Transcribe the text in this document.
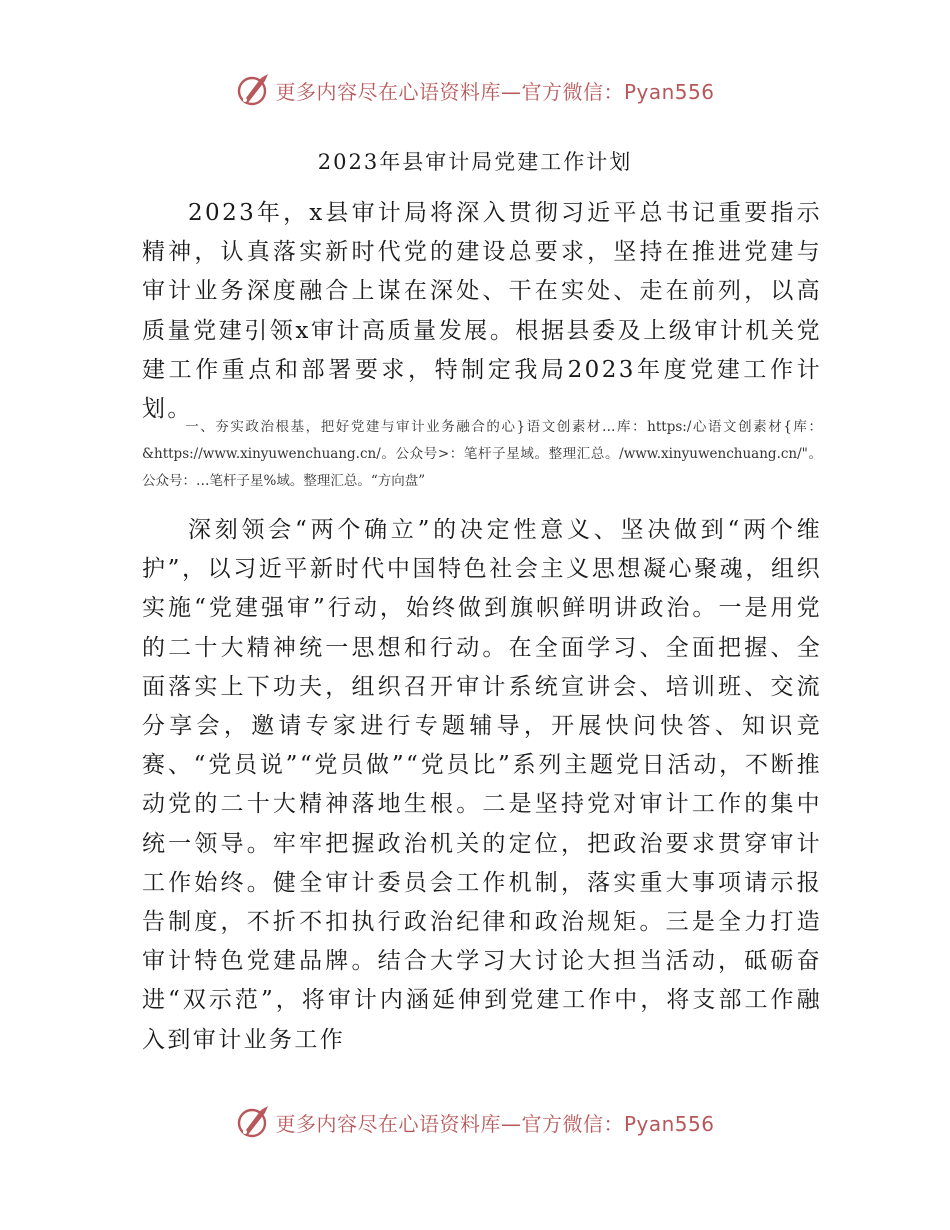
更多内容尽在心语资料库—官方微信：Pyan556
2023年县审计局党建工作计划

2023年，x县审计局将深入贯彻习近平总书记重要指示精神，认真落实新时代党的建设总要求，坚持在推进党建与审计业务深度融合上谋在深处、干在实处、走在前列，以高质量党建引领x审计高质量发展。根据县委及上级审计机关党建工作重点和部署要求，特制定我局2023年度党建工作计划。

一、夯实政治根基，把好党建与审计业务融合的心}语文创素材…库：https:/心语文创素材{库：&https://www.xinyuwenchuang.cn/。公众号>：笔杆子星域。整理汇总。/www.xinyuwenchuang.cn/"。公众号：…笔杆子星%域。整理汇总。“方向盘”

深刻领会“两个确立”的决定性意义、坚决做到“两个维护”，以习近平新时代中国特色社会主义思想凝心聚魂，组织实施“党建强审”行动，始终做到旗帜鲜明讲政治。一是用党的二十大精神统一思想和行动。在全面学习、全面把握、全面落实上下功夫，组织召开审计系统宣讲会、培训班、交流分享会，邀请专家进行专题辅导，开展快问快答、知识竞赛、“党员说”“党员做”“党员比”系列主题党日活动，不断推动党的二十大精神落地生根。二是坚持党对审计工作的集中统一领导。牢牢把握政治机关的定位，把政治要求贯穿审计工作始终。健全审计委员会工作机制，落实重大事项请示报告制度，不折不扣执行政治纪律和政治规矩。三是全力打造审计特色党建品牌。结合大学习大讨论大担当活动，砥砺奋进“双示范”，将审计内涵延伸到党建工作中，将支部工作融入到审计业务工作

更多内容尽在心语资料库—官方微信：Pyan556
